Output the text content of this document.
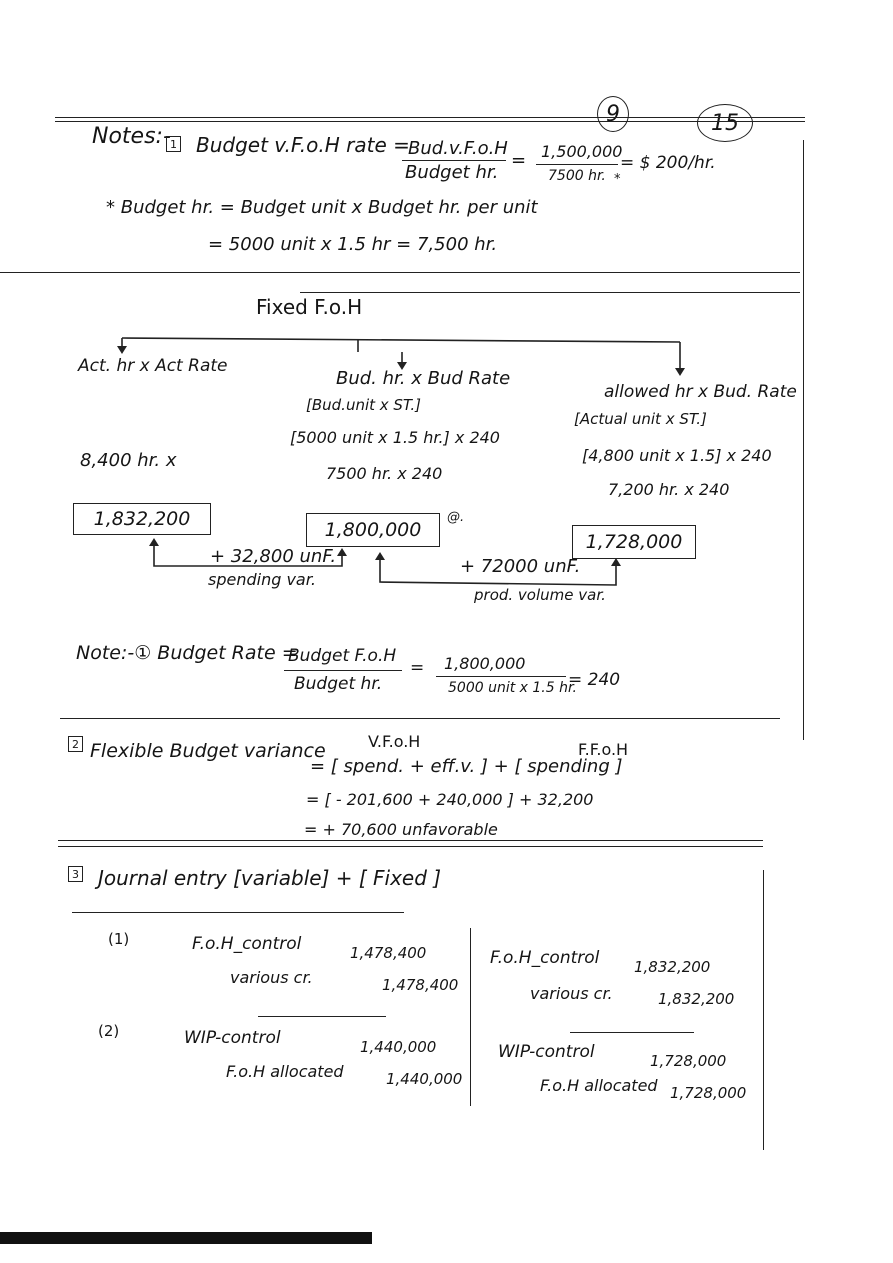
9	15
Notes:- 1 Budget v.F.o.H rate =
Bud.v.F.o.H
Budget hr.
= 1,500,000
7500 hr. *
= $ 200/hr.
* Budget hr. = Budget unit x Budget hr. per unit
= 5000 unit x 1.5 hr = 7,500 hr.
Fixed F.o.H
Act. hr x Act Rate
8,400 hr. x
1,832,200
Bud. hr. x Bud Rate
[Bud.unit x ST.]
[5000 unit x 1.5 hr.] x 240
7500 hr. x 240
1,800,000
@.
allowed hr x Bud. Rate
[Actual unit x ST.]
[4,800 unit x 1.5] x 240
7,200 hr. x 240
1,728,000
+ 32,800 unF.
spending var.
+ 72000 unF.
prod. volume var.
Note:-① Budget Rate =
Budget F.o.H
Budget hr.
= 1,800,000
5000 unit x 1.5 hr.
= 240
2 Flexible Budget variance	V.F.o.H	F.F.o.H
= [ spend. + eff.v. ] + [ spending ]
= [ - 201,600 + 240,000 ] + 32,200
= + 70,600 unfavorable
3 Journal entry [variable] + [ Fixed ]
(1)	F.o.H_control	1,478,400
various cr.	1,478,400
(2)	WIP-control	1,440,000
F.o.H allocated	1,440,000
F.o.H_control 1,832,200
various cr.	1,832,200
WIP-control	1,728,000
F.o.H allocated 1,728,000
